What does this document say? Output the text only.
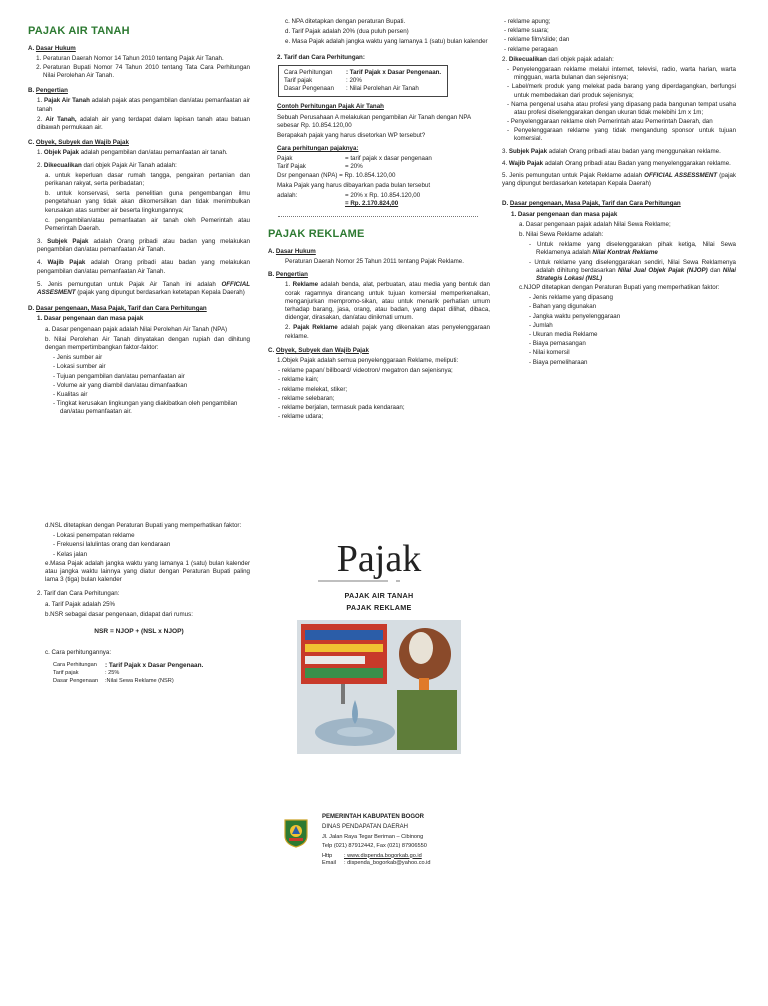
PAJAK AIR TANAH
A. Dasar Hukum
1. Peraturan Daerah Nomor 14 Tahun 2010 tentang Pajak Air Tanah.
2. Peraturan Bupati Nomor 74 Tahun 2010 tentang Tata Cara Perhitungan Nilai Perolehan Air Tanah.
B. Pengertian

1. Pajak Air Tanah adalah pajak atas pengambilan dan/atau pemanfaatan air tanah

2. Air Tanah, adalah air yang terdapat dalam lapisan tanah atau batuan dibawah permukaan air.

C. Obyek, Subyek dan Wajib Pajak

1. Objek Pajak adalah pengambilan dan/atau pemanfaatan air tanah.

2. Dikecualikan dari objek Pajak Air Tanah adalah:

a. untuk keperluan dasar rumah tangga, pengairan pertanian dan perikanan rakyat, serta peribadatan;

b. untuk konservasi, serta penelitian guna pengembangan ilmu pengetahuan yang tidak akan dikomersilkan dan tidak menimbulkan kerusakan atas sumber air beserta lingkungannya;

c. pengambilan/atau pemanfaatan air tanah oleh Pemerintah atau Pemerintah Daerah.

3. Subjek Pajak adalah Orang pribadi atau badan yang melakukan pengambilan dan/atau pemanfaatan Air Tanah.

4. Wajib Pajak adalah Orang pribadi atau badan yang melakukan pengambilan dan/atau pemanfaatan Air Tanah.

5. Jenis pemungutan untuk Pajak Air Tanah ini adalah OFFICIAL ASSESMENT (pajak yang dipungut berdasarkan ketetapan Kepala Daerah)

D. Dasar pengenaan, Masa Pajak, Tarif dan Cara Perhitungan

1. Dasar pengenaan dan masa pajak

a. Dasar pengenaan pajak adalah Nilai Perolehan Air Tanah (NPA)

b. Nilai Perolehan Air Tanah dinyatakan dengan rupiah dan dihitung dengan mempertimbangkan faktor-faktor:

- Jenis sumber air
- Lokasi sumber air
- Tujuan pengambilan dan/atau pemanfaatan air
- Volume air yang diambil dan/atau dimanfaatkan
- Kualitas air
- Tingkat kerusakan lingkungan yang diakibatkan oleh pengambilan dan/atau pemanfaatan air.

c. NPA ditetapkan dengan peraturan Bupati.

d. Tarif Pajak adalah 20% (dua puluh persen)

e. Masa Pajak adalah jangka waktu yang lamanya 1 (satu) bulan kalender

2. Tarif dan Cara Perhitungan:

Cara Perhitungan	: Tarif Pajak x Dasar Pengenaan.
Tarif pajak	: 20%
Dasar Pengenaan	: Nilai Perolehan Air Tanah

Contoh Perhitungan Pajak Air Tanah

Sebuah Perusahaan A melakukan pengambilan Air Tanah dengan NPA sebesar Rp. 10.854.120,00

Berapakah pajak yang harus disetorkan WP tersebut?

Cara perhitungan pajaknya:

Pajak	= tarif pajak x dasar pengenaan
Tarif Pajak	= 20%

Dsr pengenaan (NPA) = Rp. 10.854.120,00

Maka Pajak yang harus dibayarkan pada bulan tersebut

adalah:	= 20% x Rp. 10.854.120,00
= Rp. 2.170.824,00
PAJAK REKLAME
A. Dasar Hukum

Peraturan Daerah Nomor 25 Tahun 2011 tentang Pajak Reklame.

B. Pengertian

1. Reklame adalah benda, alat, perbuatan, atau media yang bentuk dan corak ragamnya dirancang untuk tujuan komersial memperkenalkan, menganjurkan mempromo-sikan, atau untuk menarik perhatian umum terhadap barang, jasa, orang, atau badan, yang dapat dilihat, dibaca, didengar, dirasakan, dan/atau dinikmati umum.

2. Pajak Reklame adalah pajak yang dikenakan atas penyelenggaraan reklame.

C. Obyek, Subyek dan Wajib Pajak

1.Objek Pajak adalah semua penyelenggaraan Reklame, meliputi:

- reklame papan/ billboard/ videotron/ megatron dan sejenisnya;
- reklame kain;
- reklame melekat, stiker;
- reklame selebaran;
- reklame berjalan, termasuk pada kendaraan;
- reklame udara;
- reklame apung;
- reklame suara;
- reklame film/slide; dan
- reklame peragaan

2. Dikecualikan dari objek pajak adalah:

- Penyelenggaraan reklame melalui internet, televisi, radio, warta harian, warta mingguan, warta bulanan dan sejenisnya;
- Label/merk produk yang melekat pada barang yang diperdagangkan, berfungsi untuk membedakan dari produk sejenisnya;
- Nama pengenal usaha atau profesi yang dipasang pada bangunan tempat usaha atau profesi diselenggarakan dengan ukuran tidak melebihi 1m x 1m;
- Penyelenggaraan reklame oleh Pemerintah atau Pemerintah Daerah, dan
- Penyelenggaraan reklame yang tidak mengandung sponsor untuk tujuan komersial.

3. Subjek Pajak adalah Orang pribadi atau badan yang menggunakan reklame.

4. Wajib Pajak adalah Orang pribadi atau Badan yang menyelenggarakan reklame.

5. Jenis pemungutan untuk Pajak Reklame adalah OFFICIAL ASSESSMENT (pajak yang dipungut berdasarkan ketetapan Kepala Daerah)

D. Dasar pengenaan, Masa Pajak, Tarif dan Cara Perhitungan

1. Dasar pengenaan dan masa pajak

a. Dasar pengenaan pajak adalah Nilai Sewa Reklame;

b. Nilai Sewa Reklame adalah:

- Untuk reklame yang diselenggarakan pihak ketiga, Nilai Sewa Reklamenya adalah Nilai Kontrak Reklame
- Untuk reklame yang diselenggarakan sendiri, Nilai Sewa Reklamenya adalah dihitung berdasarkan Nilai Jual Objek Pajak (NJOP) dan Nilai Strategis Lokasi (NSL)

c.NJOP ditetapkan dengan Peraturan Bupati yang memperhatikan faktor:

- Jenis reklame yang dipasang
- Bahan yang digunakan
- Jangka waktu penyelenggaraan
- Jumlah
- Ukuran media Reklame
- Biaya pemasangan
- Nilai komersil
- Biaya pemeliharaan

d.NSL ditetapkan dengan Peraturan Bupati yang memperhatikan faktor:

- Lokasi penempatan reklame
- Frekuensi lalulintas orang dan kendaraan
- Kelas jalan

e.Masa Pajak adalah jangka waktu yang lamanya 1 (satu) bulan kalender atau jangka waktu lainnya yang diatur dengan Peraturan Bupati paling lama 3 (tiga) bulan kalender

2. Tarif dan Cara Perhitungan:

a. Tarif Pajak adalah 25%

b.NSR sebagai dasar pengenaan, didapat dari rumus:

NSR = NJOP + (NSL x NJOP)

c. Cara perhitungannya:

Cara Perhitungan	: Tarif Pajak x Dasar Pengenaan.
Tarif pajak	: 25%
Dasar Pengenaan	:Nilai Sewa Reklame (NSR)

Pajak

PAJAK AIR TANAH

PAJAK REKLAME

PEMERINTAH KABUPATEN BOGOR

DINAS PENDAPATAN DAERAH

Jl. Jalan Raya Tegar Beriman – Cibinong

Telp (021) 87912442, Fax (021) 87906550

Http	: www.dispenda.bogorkab.go.id
Email	: dispenda_bogorkab@yahoo.co.id
